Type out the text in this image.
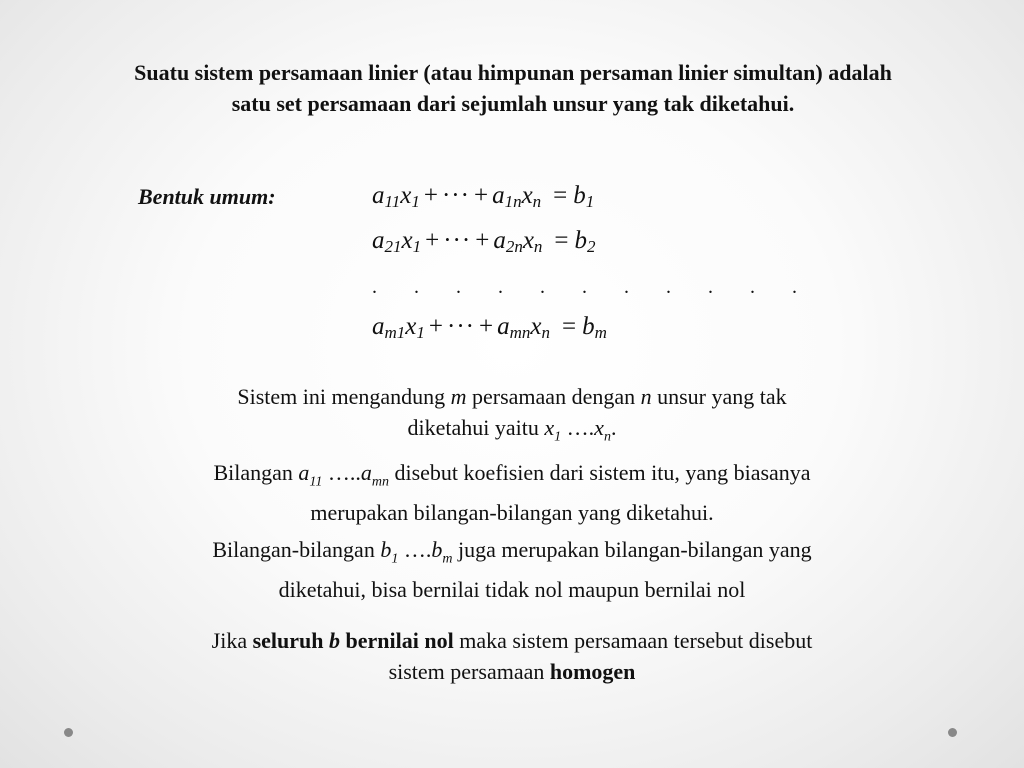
Suatu sistem persamaan linier (atau himpunan persaman linier simultan) adalah satu set persamaan dari sejumlah unsur yang tak diketahui.
Bentuk umum:	$a_{11}x_1$ + ··· + $a_{1n}x_n = b_1$
$a_{21}x_1$ + ··· + $a_{2n}x_n = b_2$
. . . . . . . . . . .
$a_{m1}x_1$ + ··· + $a_{mn}x_n = b_m$
Sistem ini mengandung m persamaan dengan n unsur yang tak
diketahui yaitu $x_1$ $\dots.x_n$.
Bilangan $a_{11}$ $\dots..a_{mn}$ disebut koefisien dari sistem itu, yang biasanya
merupakan bilangan-bilangan yang diketahui.
Bilangan-bilangan $b_1$ $\dots.b_m$ juga merupakan bilangan-bilangan yang
diketahui, bisa bernilai tidak nol maupun bernilai nol
Jika seluruh b bernilai nol maka sistem persamaan tersebut disebut
sistem persamaan homogen
